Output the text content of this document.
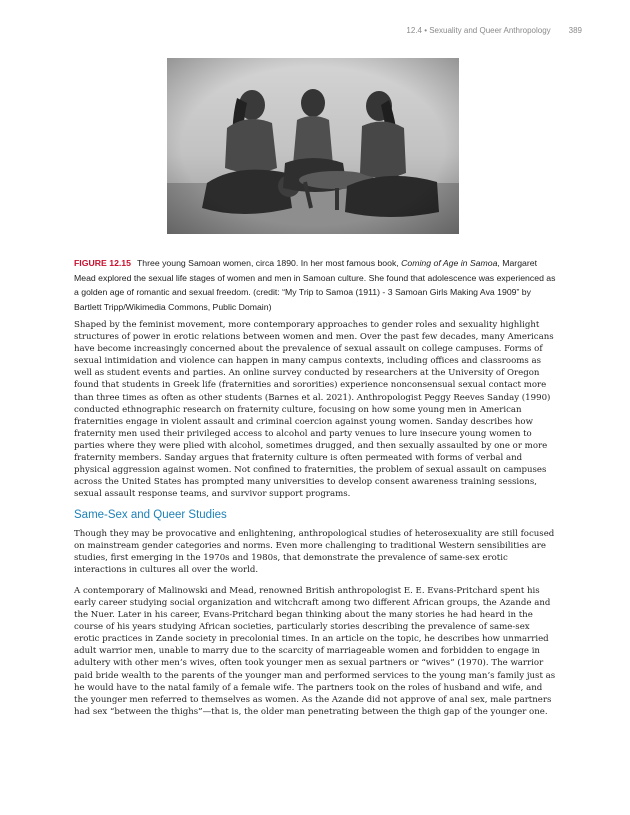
12.4 • Sexuality and Queer Anthropology 389
FIGURE 12.15 Three young Samoan women, circa 1890. In her most famous book, Coming of Age in Samoa, Margaret Mead explored the sexual life stages of women and men in Samoan culture. She found that adolescence was experienced as a golden age of romantic and sexual freedom. (credit: “My Trip to Samoa (1911) - 3 Samoan Girls Making Ava 1909” by Bartlett Tripp/Wikimedia Commons, Public Domain)

Shaped by the feminist movement, more contemporary approaches to gender roles and sexuality highlight structures of power in erotic relations between women and men. Over the past few decades, many Americans have become increasingly concerned about the prevalence of sexual assault on college campuses. Forms of sexual intimidation and violence can happen in many campus contexts, including offices and classrooms as well as student events and parties. An online survey conducted by researchers at the University of Oregon found that students in Greek life (fraternities and sororities) experience nonconsensual sexual contact more than three times as often as other students (Barnes et al. 2021). Anthropologist Peggy Reeves Sanday (1990) conducted ethnographic research on fraternity culture, focusing on how some young men in American fraternities engage in violent assault and criminal coercion against young women. Sanday describes how fraternity men used their privileged access to alcohol and party venues to lure insecure young women to parties where they were plied with alcohol, sometimes drugged, and then sexually assaulted by one or more fraternity members. Sanday argues that fraternity culture is often permeated with forms of verbal and physical aggression against women. Not confined to fraternities, the problem of sexual assault on campuses across the United States has prompted many universities to develop consent awareness training sessions, sexual assault response teams, and survivor support programs.

Same-Sex and Queer Studies

Though they may be provocative and enlightening, anthropological studies of heterosexuality are still focused on mainstream gender categories and norms. Even more challenging to traditional Western sensibilities are studies, first emerging in the 1970s and 1980s, that demonstrate the prevalence of same-sex erotic interactions in cultures all over the world.

A contemporary of Malinowski and Mead, renowned British anthropologist E. E. Evans-Pritchard spent his early career studying social organization and witchcraft among two different African groups, the Azande and the Nuer. Later in his career, Evans-Pritchard began thinking about the many stories he had heard in the course of his years studying African societies, particularly stories describing the prevalence of same-sex erotic practices in Zande society in precolonial times. In an article on the topic, he describes how unmarried adult warrior men, unable to marry due to the scarcity of marriageable women and forbidden to engage in adultery with other men’s wives, often took younger men as sexual partners or “wives” (1970). The warrior paid bride wealth to the parents of the younger man and performed services to the young man’s family just as he would have to the natal family of a female wife. The partners took on the roles of husband and wife, and the younger men referred to themselves as women. As the Azande did not approve of anal sex, male partners had sex “between the thighs”—that is, the older man penetrating between the thigh gap of the younger one.
